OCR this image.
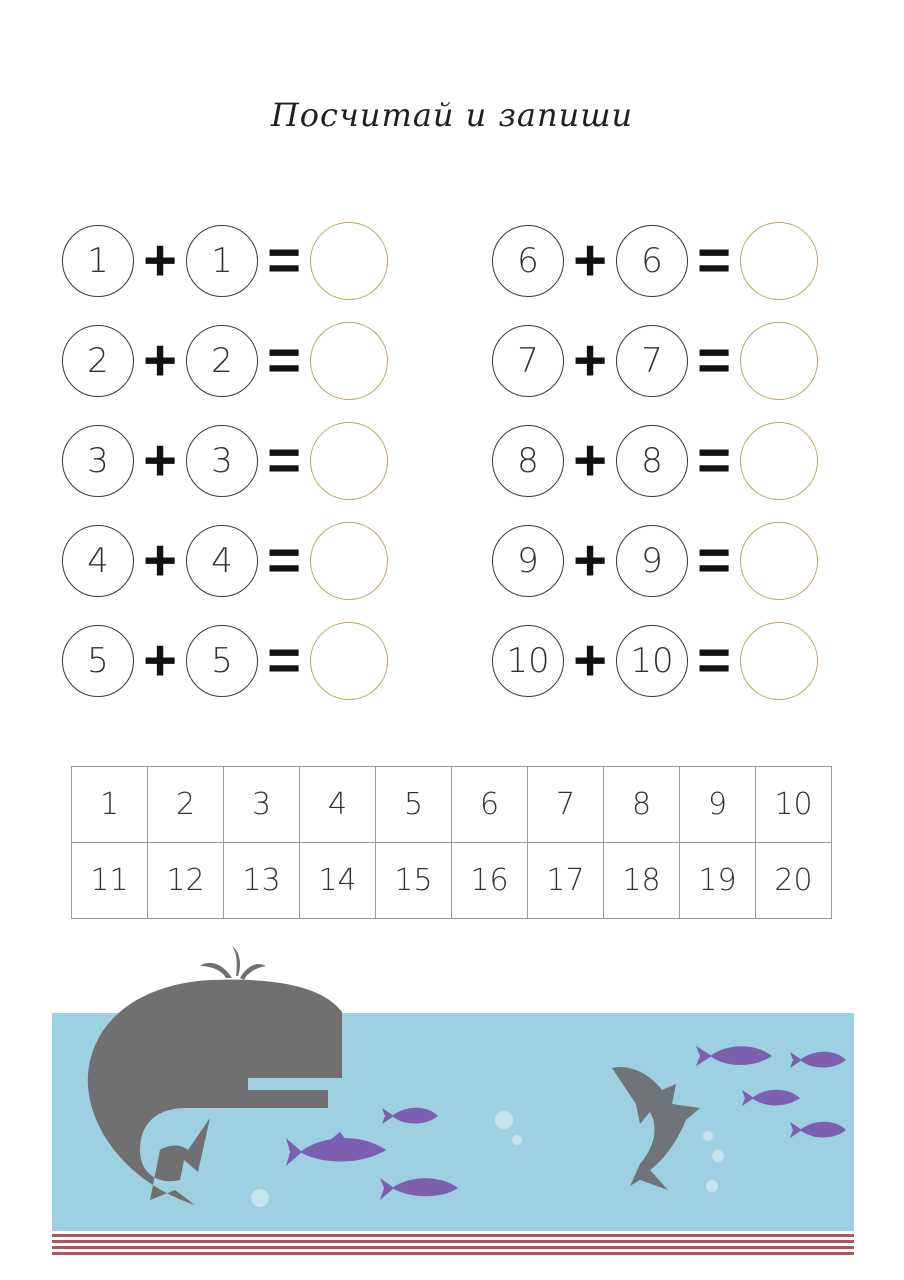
Посчитай и запиши
1 +	1 =
2 +	2 =
3 +	3 =
4 +	4 =
5 +	5 =
6 +	6 =
7 +	7 =
8 +	8 =
9 +	9 =
10 + 10 =
1	2	3	4	5	6	7	8	9	10
11	12	13	14	15	16	17	18	19	20
